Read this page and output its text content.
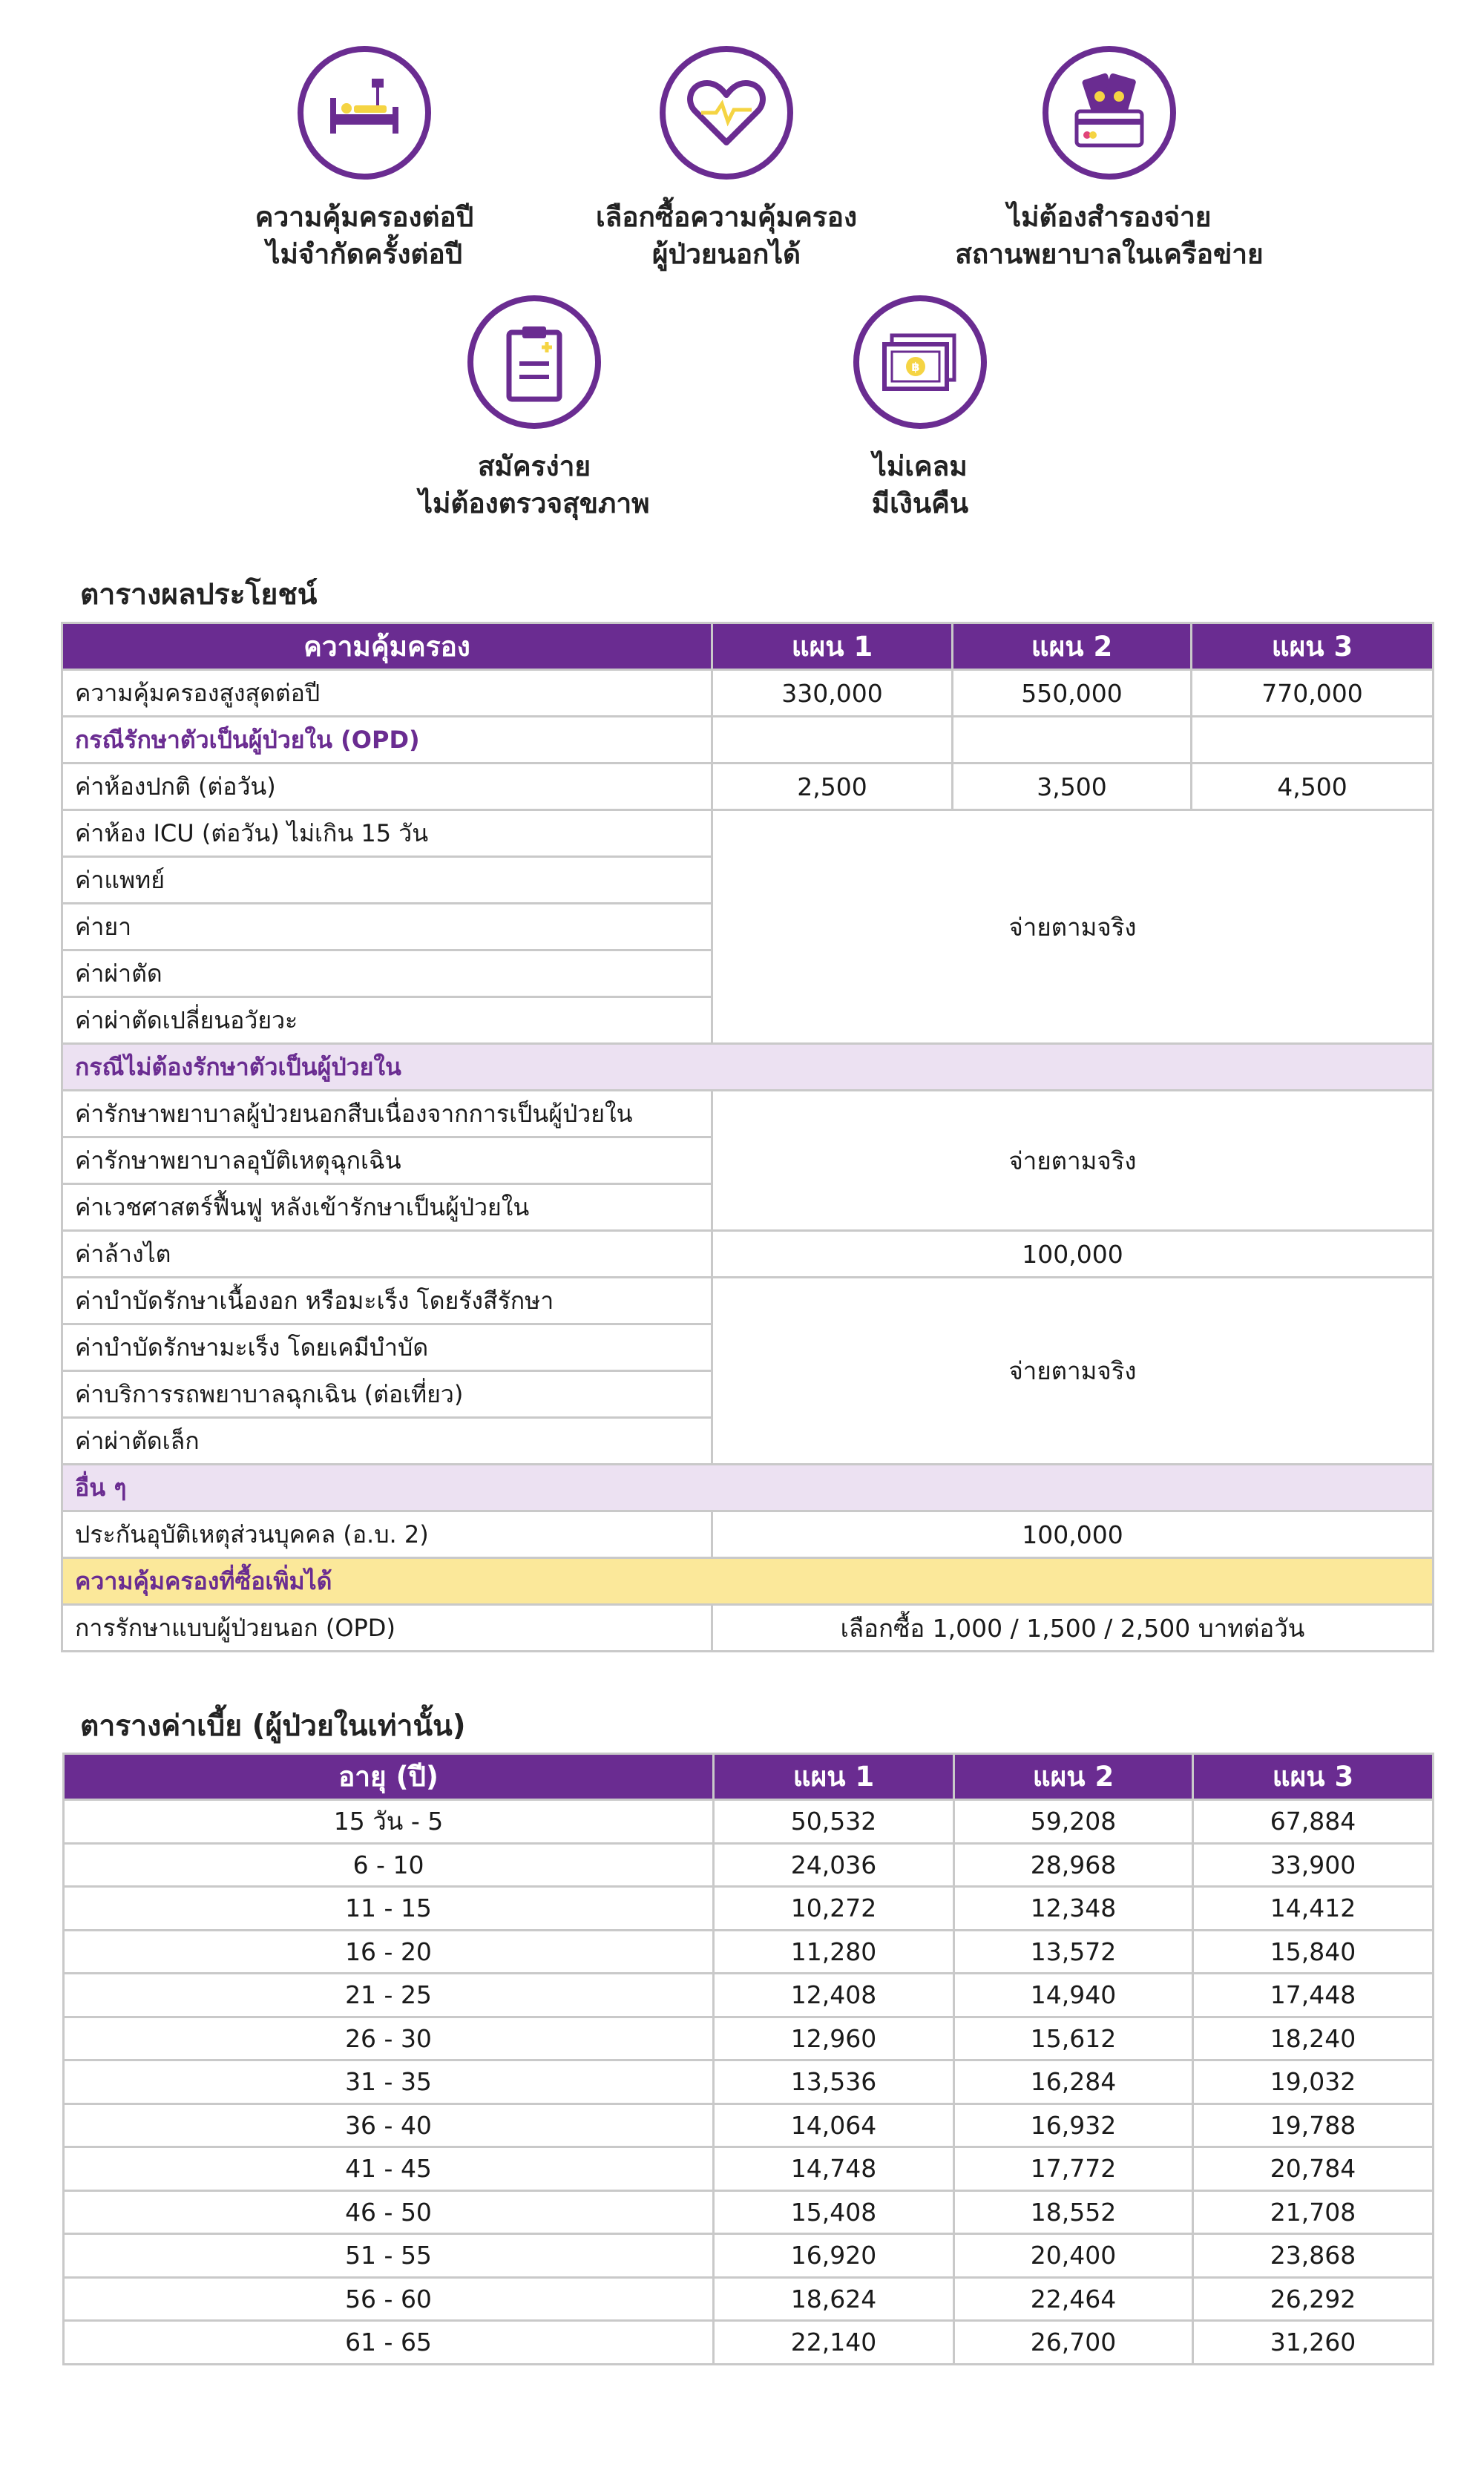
ความคุ้มครองต่อปี
ไม่จำกัดครั้งต่อปี
เลือกซื้อความคุ้มครอง
ผู้ป่วยนอกได้
ไม่ต้องสำรองจ่าย
สถานพยาบาลในเครือข่าย
สมัครง่าย
ไม่ต้องตรวจสุขภาพ
฿
ไม่เคลม
มีเงินคืน
ตารางผลประโยชน์
ความคุ้มครอง	แผน 1	แผน 2	แผน 3
ความคุ้มครองสูงสุดต่อปี	330,000	550,000	770,000
กรณีรักษาตัวเป็นผู้ป่วยใน (OPD)			
ค่าห้องปกติ (ต่อวัน)	2,500	3,500	4,500
ค่าห้อง ICU (ต่อวัน) ไม่เกิน 15 วัน	จ่ายตามจริง		
ค่าแพทย์			
ค่ายา			
ค่าผ่าตัด			
ค่าผ่าตัดเปลี่ยนอวัยวะ			
กรณีไม่ต้องรักษาตัวเป็นผู้ป่วยใน			
ค่ารักษาพยาบาลผู้ป่วยนอกสืบเนื่องจากการเป็นผู้ป่วยใน	จ่ายตามจริง		
ค่ารักษาพยาบาลอุบัติเหตุฉุกเฉิน			
ค่าเวชศาสตร์ฟื้นฟู หลังเข้ารักษาเป็นผู้ป่วยใน			
ค่าล้างไต	100,000		
ค่าบำบัดรักษาเนื้องอก หรือมะเร็ง โดยรังสีรักษา	จ่ายตามจริง		
ค่าบำบัดรักษามะเร็ง โดยเคมีบำบัด			
ค่าบริการรถพยาบาลฉุกเฉิน (ต่อเที่ยว)			
ค่าผ่าตัดเล็ก			
อื่น ๆ			
ประกันอุบัติเหตุส่วนบุคคล (อ.บ. 2)	100,000		
ความคุ้มครองที่ซื้อเพิ่มได้			
การรักษาแบบผู้ป่วยนอก (OPD)	เลือกซื้อ 1,000 / 1,500 / 2,500 บาทต่อวัน		
ตารางค่าเบี้ย (ผู้ป่วยในเท่านั้น)
อายุ (ปี)	แผน 1	แผน 2	แผน 3
15 วัน - 5	50,532	59,208	67,884
6 - 10	24,036	28,968	33,900
11 - 15	10,272	12,348	14,412
16 - 20	11,280	13,572	15,840
21 - 25	12,408	14,940	17,448
26 - 30	12,960	15,612	18,240
31 - 35	13,536	16,284	19,032
36 - 40	14,064	16,932	19,788
41 - 45	14,748	17,772	20,784
46 - 50	15,408	18,552	21,708
51 - 55	16,920	20,400	23,868
56 - 60	18,624	22,464	26,292
61 - 65	22,140	26,700	31,260
